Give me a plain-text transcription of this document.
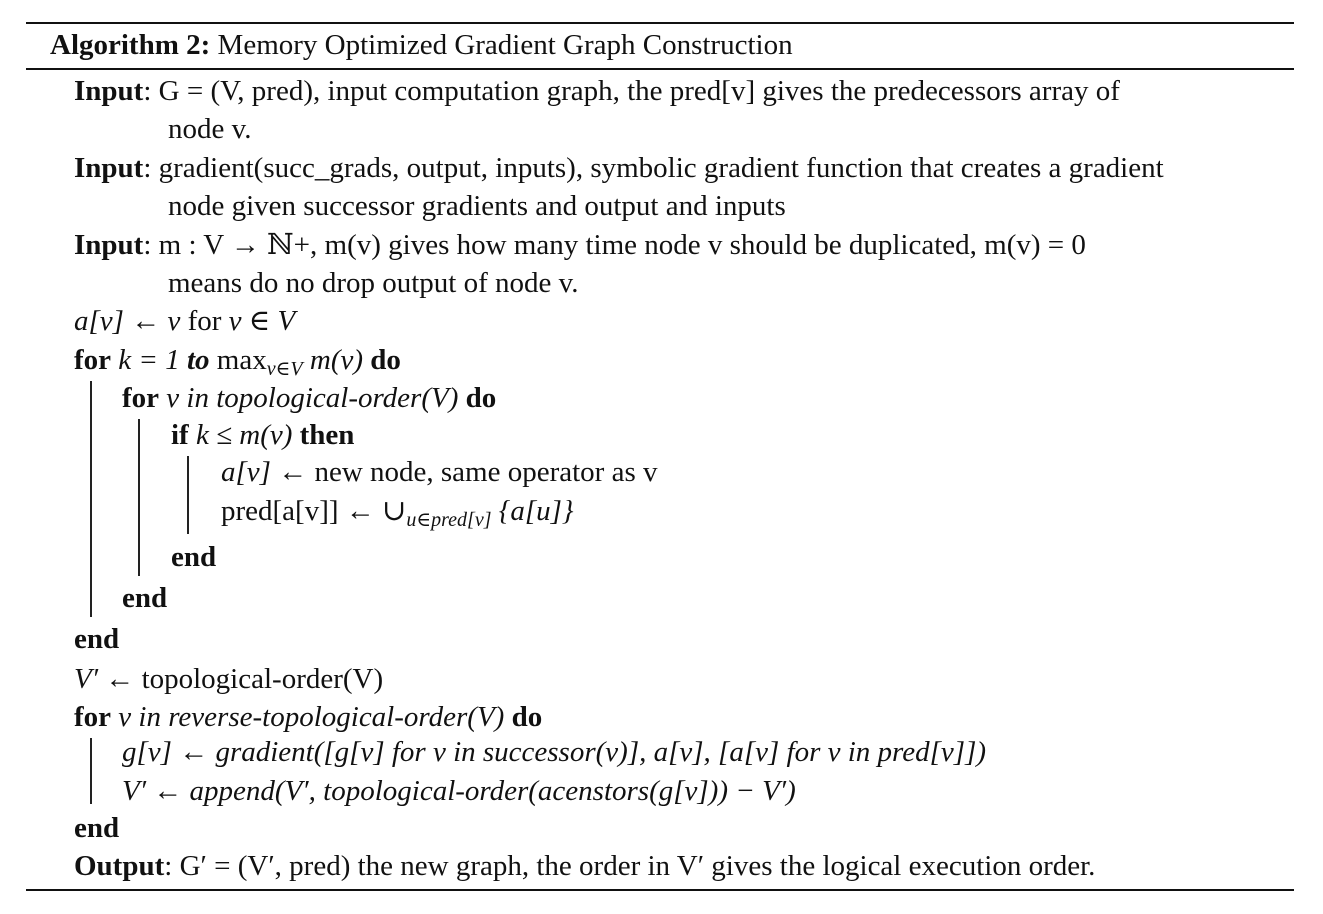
Algorithm 2: Memory Optimized Gradient Graph Construction
Input: G = (V, pred), input computation graph, the pred[v] gives the predecessors array of
node v.
Input: gradient(succ_grads, output, inputs), symbolic gradient function that creates a gradient
node given successor gradients and output and inputs
Input: m : V → ℕ+, m(v) gives how many time node v should be duplicated, m(v) = 0
means do no drop output of node v.
a[v] ← v for v ∈ V
for k = 1 to $\max_{v\in V} m(v)$ do
for v in topological-order(V) do
if k ≤ m(v) then
a[v] ← new node, same operator as v
pred[a[v]] ← $\cup_{u\in pred[v]}$ {a[u]}
end
end
end
V′ ← topological-order(V)
for v in reverse-topological-order(V) do
g[v] ← gradient([g[v] for v in successor(v)], a[v], [a[v] for v in pred[v]])
V′ ← append(V′, topological-order(acenstors(g[v])) − V′)
end
Output: G′ = (V′, pred) the new graph, the order in V′ gives the logical execution order.
